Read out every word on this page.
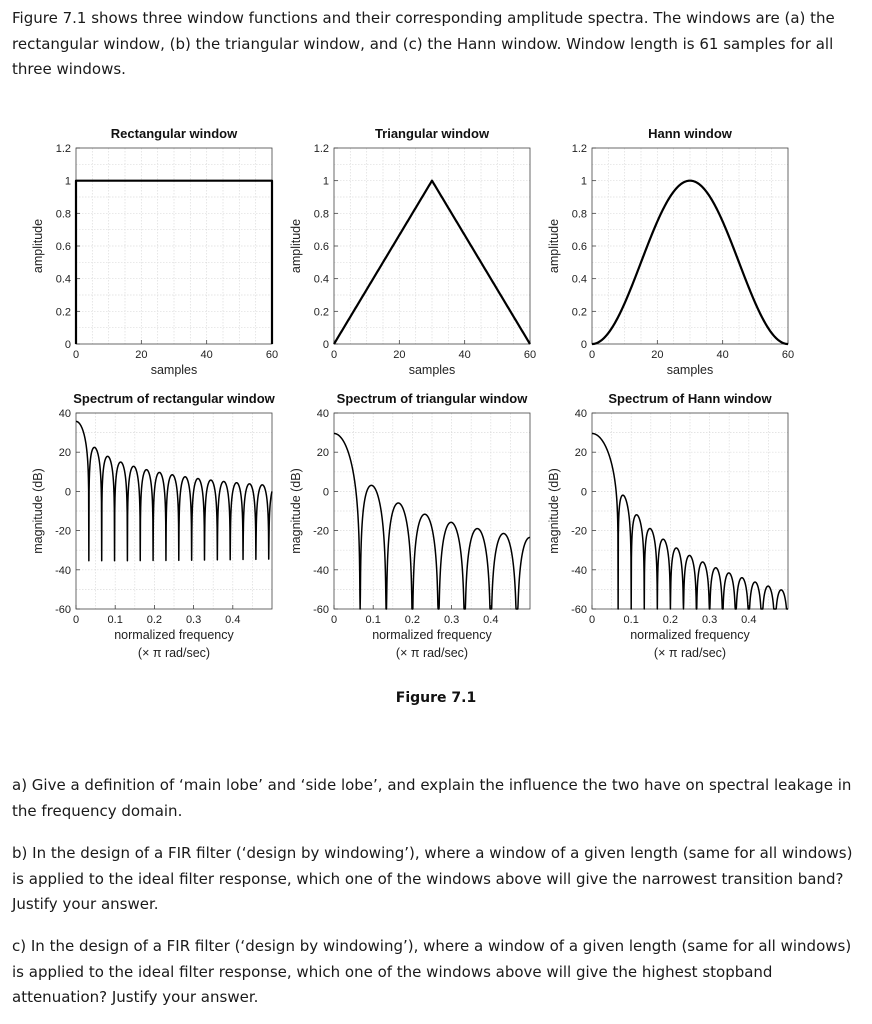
Figure 7.1 shows three window functions and their corresponding amplitude spectra. The windows are (a) the rectangular window, (b) the triangular window, and (c) the Hann window. Window length is 61 samples for all three windows.
0
0.2
0.4
0.6
0.8
1
1.2
0	20	40	60
Rectangular window
samples
amplitude
0
0.2
0.4
0.6
0.8
1
1.2
0	20	40	60
Triangular window
samples
amplitude
0
0.2
0.4
0.6
0.8
1
1.2
0	20	40	60
Hann window
samples
amplitude
-60
-40
-20
0
20
40
0	0.1 0.2 0.3 0.4
Spectrum of rectangular window
normalized frequency
(× π rad/sec)
magnitude (dB)
-60
-40
-20
0
20
40
0	0.1 0.2 0.3 0.4
Spectrum of triangular window
normalized frequency
(× π rad/sec)
magnitude (dB)
-60
-40
-20
0
20
40
0	0.1 0.2 0.3 0.4
Spectrum of Hann window
normalized frequency
(× π rad/sec)
magnitude (dB)
Figure 7.1
a) Give a definition of ‘main lobe’ and ‘side lobe’, and explain the influence the two have on spectral leakage in the frequency domain.
b) In the design of a FIR filter (‘design by windowing’), where a window of a given length (same for all windows) is applied to the ideal filter response, which one of the windows above will give the narrowest transition band? Justify your answer.
c) In the design of a FIR filter (‘design by windowing’), where a window of a given length (same for all windows) is applied to the ideal filter response, which one of the windows above will give the highest stopband attenuation? Justify your answer.
